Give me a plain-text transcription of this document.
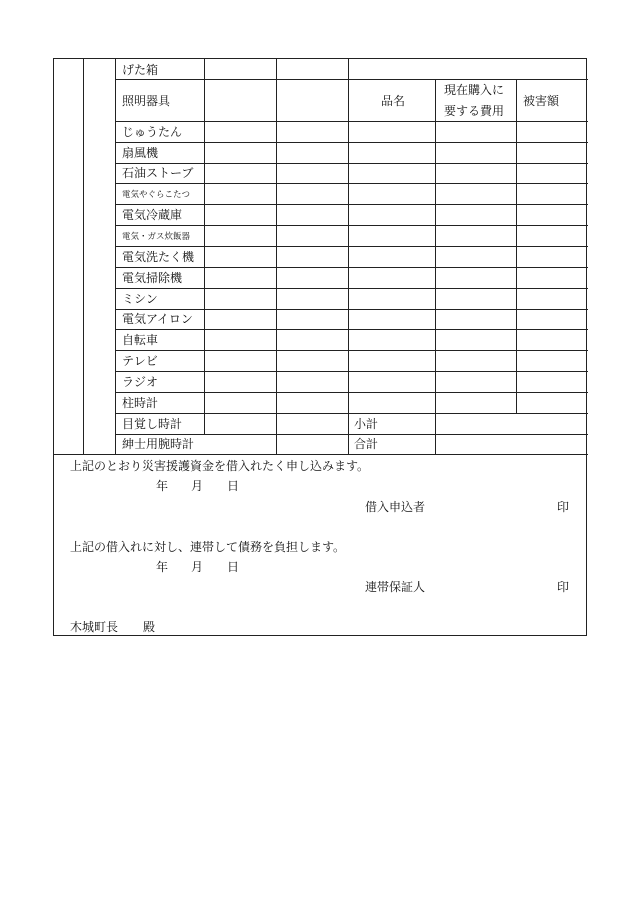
げた箱
照明器具
じゅうたん
扇風機
石油ストーブ
電気やぐらこたつ
電気冷蔵庫
電気・ガス炊飯器
電気洗たく機
電気掃除機
ミシン
電気アイロン
自転車
テレビ
ラジオ
柱時計
目覚し時計
紳士用腕時計
品名
現在購入に
要する費用
被害額
小計
合計
上記のとおり災害援護資金を借入れたく申し込みます。
年 月 日
借入申込者	印
上記の借入れに対し、連帯して債務を負担します。
年 月 日
連帯保証人	印
木城町長 殿
